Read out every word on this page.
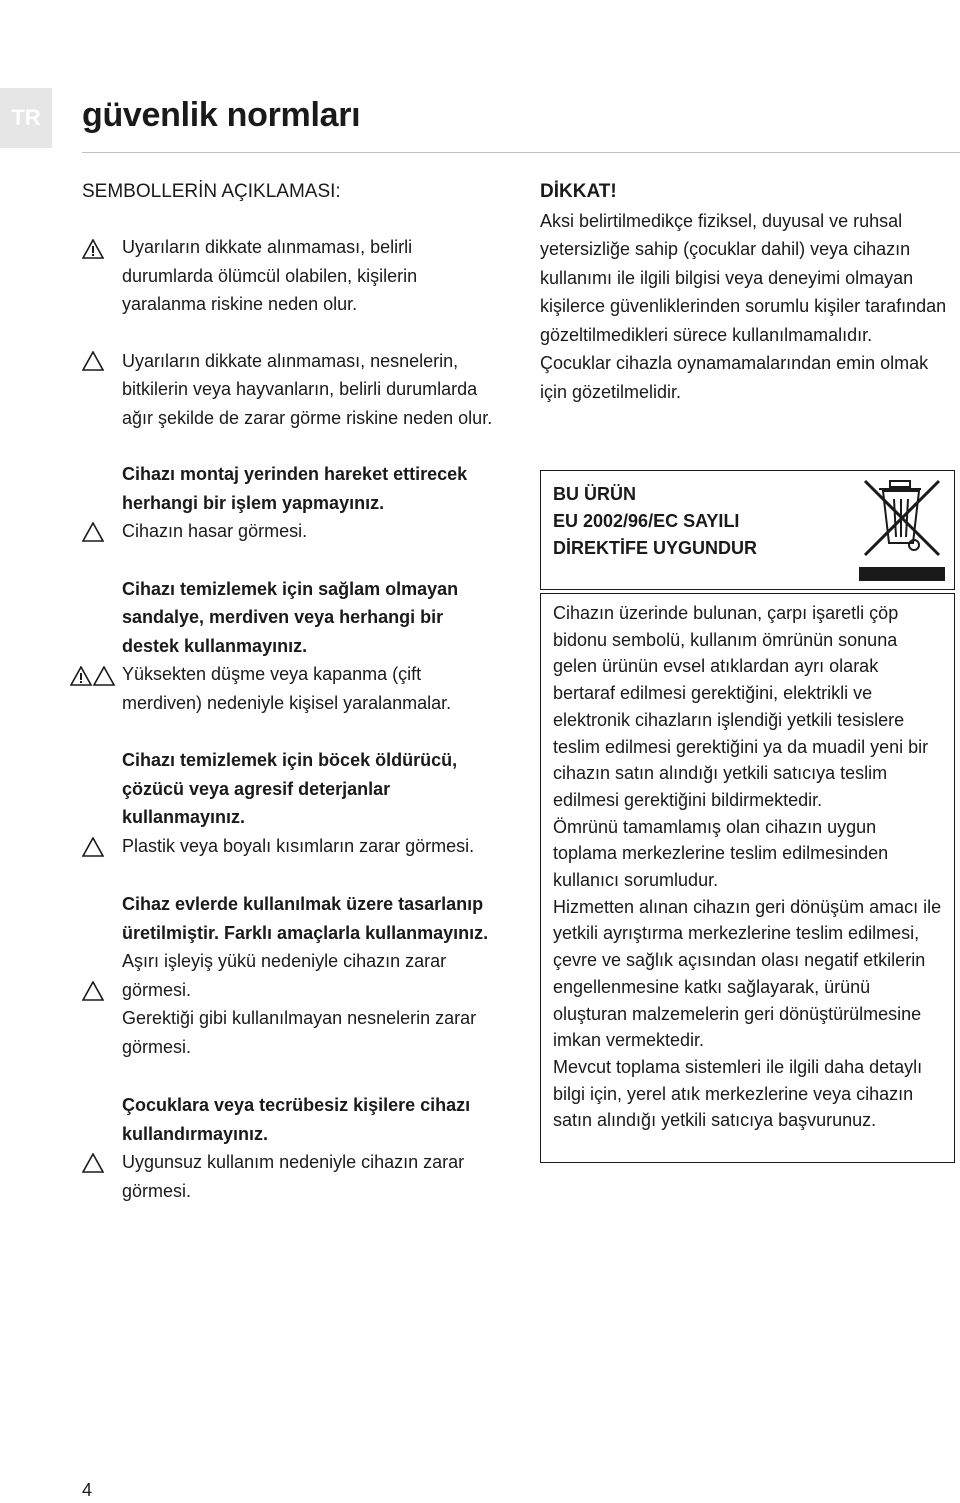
TR	güvenlik normları

SEMBOLLERİN AÇIKLAMASI:

Uyarıların dikkate alınmaması, belirli durumlarda ölümcül olabilen, kişilerin yaralanma riskine neden olur.

Uyarıların dikkate alınmaması, nesnelerin, bitkilerin veya hayvanların, belirli durumlarda ağır şekilde de zarar görme riskine neden olur.

Cihazı montaj yerinden hareket ettirecek herhangi bir işlem yapmayınız.

Cihazın hasar görmesi.

Cihazı temizlemek için sağlam olmayan sandalye, merdiven veya herhangi bir destek kullanmayınız.

Yüksekten düşme veya kapanma (çift merdiven) nedeniyle kişisel yaralanmalar.

Cihazı temizlemek için böcek öldürücü, çözücü veya agresif deterjanlar kullanmayınız.

Plastik veya boyalı kısımların zarar görmesi.

Cihaz evlerde kullanılmak üzere tasarlanıp üretilmiştir. Farklı amaçlarla kullanmayınız.

Aşırı işleyiş yükü nedeniyle cihazın zarar görmesi.

Gerektiği gibi kullanılmayan nesnelerin zarar görmesi.

Çocuklara veya tecrübesiz kişilere cihazı kullandırmayınız.

Uygunsuz kullanım nedeniyle cihazın zarar görmesi.

DİKKAT!

Aksi belirtilmedikçe fiziksel, duyusal ve ruhsal yetersizliğe sahip (çocuklar dahil) veya cihazın kullanımı ile ilgili bilgisi veya deneyimi olmayan kişilerce güvenliklerinden sorumlu kişiler tarafından gözeltilmedikleri sürece kullanılmamalıdır.

Çocuklar cihazla oynamamalarından emin olmak için gözetilmelidir.

BU ÜRÜN
EU 2002/96/EC SAYILI
DİREKTİFE UYGUNDUR

Cihazın üzerinde bulunan, çarpı işaretli çöp bidonu sembolü, kullanım ömrünün sonuna gelen ürünün evsel atıklardan ayrı olarak bertaraf edilmesi gerektiğini, elektrikli ve elektronik cihazların işlendiği yetkili tesislere teslim edilmesi gerektiğini ya da muadil yeni bir cihazın satın alındığı yetkili satıcıya teslim edilmesi gerektiğini bildirmektedir.

Ömrünü tamamlamış olan cihazın uygun toplama merkezlerine teslim edilmesinden kullanıcı sorumludur.

Hizmetten alınan cihazın geri dönüşüm amacı ile yetkili ayrıştırma merkezlerine teslim edilmesi, çevre ve sağlık açısından olası negatif etkilerin engellenmesine katkı sağlayarak, ürünü oluşturan malzemelerin geri dönüştürülmesine imkan vermektedir.

Mevcut toplama sistemleri ile ilgili daha detaylı bilgi için, yerel atık merkezlerine veya cihazın satın alındığı yetkili satıcıya başvurunuz.

4
